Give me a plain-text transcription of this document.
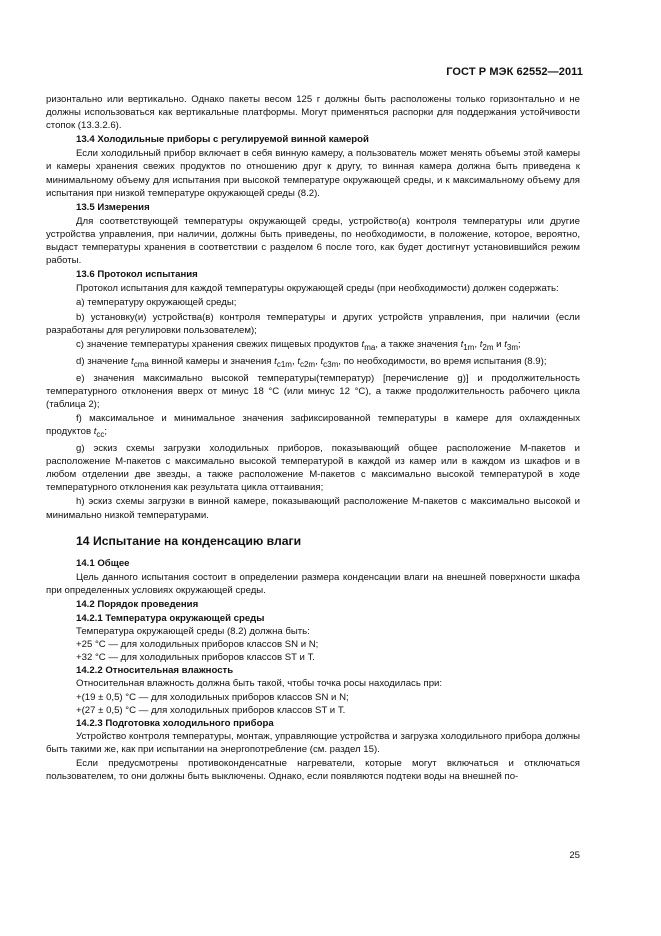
ГОСТ Р МЭК 62552—2011

ризонтально или вертикально. Однако пакеты весом 125 г должны быть расположены только горизонтально и не должны использоваться как вертикальные платформы. Могут применяться распорки для поддержания устойчивости стопок (13.3.2.6).

13.4 Холодильные приборы с регулируемой винной камерой

Если холодильный прибор включает в себя винную камеру, а пользователь может менять объемы этой камеры и камеры хранения свежих продуктов по отношению друг к другу, то винная камера должна быть приведена к минимальному объему для испытания при высокой температуре окружающей среды, и к максимальному объему для испытания при низкой температуре окружающей среды (8.2).

13.5 Измерения

Для соответствующей температуры окружающей среды, устройство(а) контроля температуры или другие устройства управления, при наличии, должны быть приведены, по необходимости, в положение, которое, вероятно, выдаст температуры хранения в соответствии с разделом 6 после того, как будет достигнут установившийся режим работы.

13.6 Протокол испытания

Протокол испытания для каждой температуры окружающей среды (при необходимости) должен содержать:

a) температуру окружающей среды;

b) установку(и) устройства(в) контроля температуры и других устройств управления, при наличии (если разработаны для регулировки пользователем);

c) значение температуры хранения свежих пищевых продуктов $t_{ma}$, а также значения $t_{1m}$, $t_{2m}$ и $t_{3m}$;

d) значение $t_{cma}$ винной камеры и значения $t_{c1m}$, $t_{c2m}$, $t_{c3m}$, по необходимости, во время испытания (8.9);

e) значения максимально высокой температуры(температур) [перечисление g)] и продолжительность температурного отклонения вверх от минус 18 °С (или минус 12 °С), а также продолжительность рабочего цикла (таблица 2);

f) максимальное и минимальное значения зафиксированной температуры в камере для охлажденных продуктов $t_{cc}$;

g) эскиз схемы загрузки холодильных приборов, показывающий общее расположение М-пакетов и расположение М-пакетов с максимально высокой температурой в каждой из камер или в каждом из шкафов и в любом отделении две звезды, а также расположение М-пакетов с максимально высокой температурой в ходе температурного отклонения как результата цикла оттаивания;

h) эскиз схемы загрузки в винной камере, показывающий расположение М-пакетов с максимально высокой и минимально низкой температурами.

14 Испытание на конденсацию влаги
14.1 Общее

Цель данного испытания состоит в определении размера конденсации влаги на внешней поверхности шкафа при определенных условиях окружающей среды.

14.2 Порядок проведения
14.2.1 Температура окружающей среды
Температура окружающей среды (8.2) должна быть:
+25 °С — для холодильных приборов классов SN и N;
+32 °С — для холодильных приборов классов ST и Т.
14.2.2 Относительная влажность
Относительная влажность должна быть такой, чтобы точка росы находилась при:
+(19 ± 0,5) °С — для холодильных приборов классов SN и N;
+(27 ± 0,5) °С — для холодильных приборов классов ST и Т.
14.2.3 Подготовка холодильного прибора

Устройство контроля температуры, монтаж, управляющие устройства и загрузка холодильного прибора должны быть такими же, как при испытании на энергопотребление (см. раздел 15).

Если предусмотрены противоконденсатные нагреватели, которые могут включаться и отключаться пользователем, то они должны быть выключены. Однако, если появляются подтеки воды на внешней по-

25
